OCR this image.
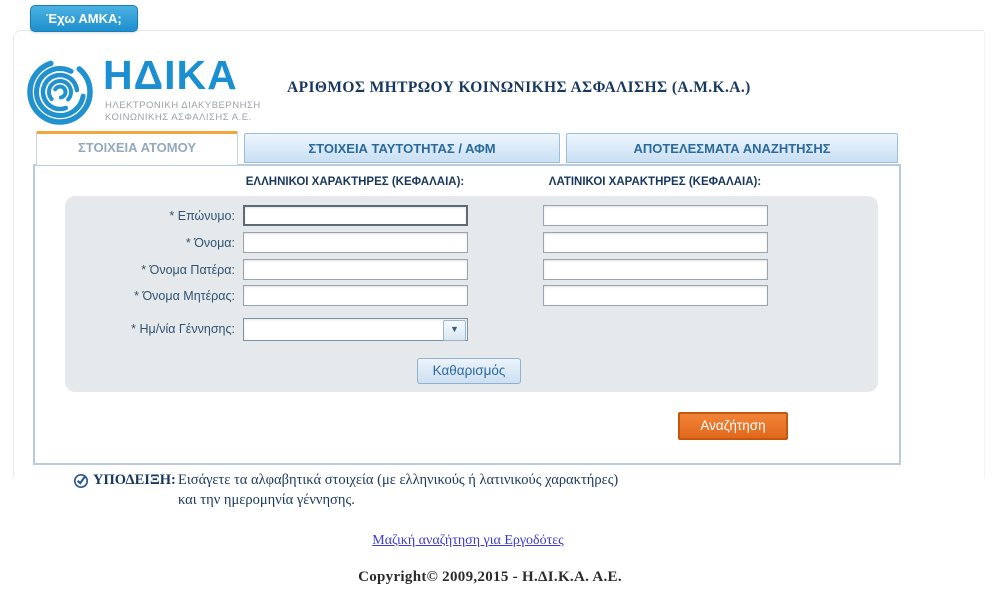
Έχω ΑΜΚΑ;
ΗΔΙΚΑ
ΗΛΕΚΤΡΟΝΙΚΗ ΔΙΑΚΥΒΕΡΝΗΣΗ
ΚΟΙΝΩΝΙΚΗΣ ΑΣΦΑΛΙΣΗΣ Α.Ε.
ΑΡΙΘΜΟΣ ΜΗΤΡΩΟΥ ΚΟΙΝΩΝΙΚΗΣ ΑΣΦΑΛΙΣΗΣ (Α.Μ.Κ.Α.)
ΣΤΟΙΧΕΙΑ ΑΤΟΜΟΥ	ΣΤΟΙΧΕΙΑ ΤΑΥΤΟΤΗΤΑΣ / ΑΦΜ	ΑΠΟΤΕΛΕΣΜΑΤΑ ΑΝΑΖΗΤΗΣΗΣ
ΕΛΛΗΝΙΚΟΙ ΧΑΡΑΚΤΗΡΕΣ (ΚΕΦΑΛΑΙΑ):	ΛΑΤΙΝΙΚΟΙ ΧΑΡΑΚΤΗΡΕΣ (ΚΕΦΑΛΑΙΑ):
* Επώνυμο:
* Όνομα:
* Όνομα Πατέρα:
* Όνομα Μητέρας:
* Ημ/νία Γέννησης:	▼
Καθαρισμός
Αναζήτηση
ΥΠΟΔΕΙΞΗ: Εισάγετε τα αλφαβητικά στοιχεία (με ελληνικούς ή λατινικούς χαρακτήρες)
και την ημερομηνία γέννησης.
Μαζική αναζήτηση για Εργοδότες
Copyright© 2009,2015 - Η.ΔΙ.Κ.Α. Α.Ε.
